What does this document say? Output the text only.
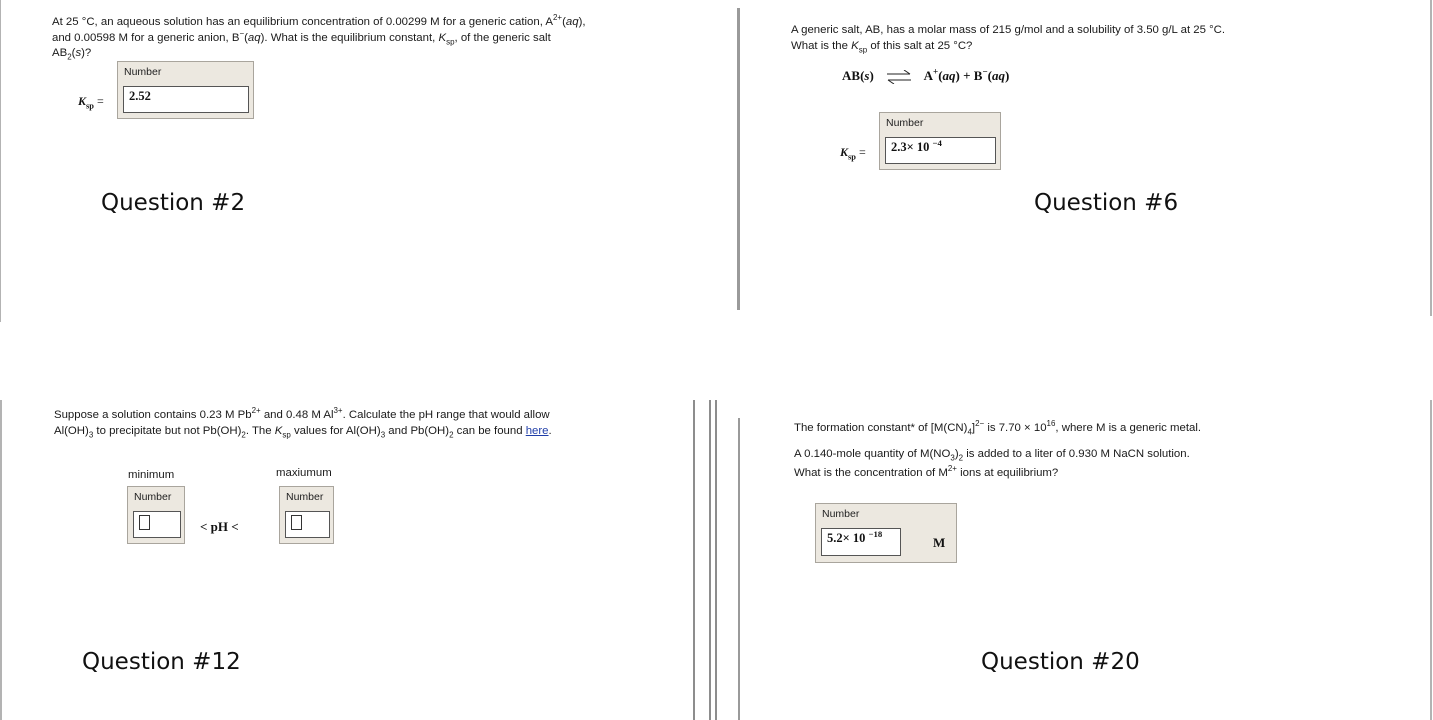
At 25 °C, an aqueous solution has an equilibrium concentration of 0.00299 M for a generic cation, $A^{2+}(aq)$,
and 0.00598 M for a generic anion, B−(aq). What is the equilibrium constant, $K_{sp}$, of the generic salt
$AB_2(s)$?
$K_{sp}$ =
Number
2.52
Question #2
A generic salt, AB, has a molar mass of 215 g/mol and a solubility of 3.50 g/L at 25 °C.
What is the $K_{sp}$ of this salt at 25 °C?
AB(s) ⇌ A+(aq) + B−(aq)
$K_{sp}$ =
Number
2.3× 10 $^{-4}$
Question #6
Suppose a solution contains 0.23 M $Pb^{2+}$ and 0.48 M $Al^{3+}$. Calculate the pH range that would allow
$Al(OH)_3$ to precipitate but not $Pb(OH)_2$. The $K_{sp}$ values for $Al(OH)_3$ and $Pb(OH)_2$ can be found here.
minimum	maxiumum
Number
< pH <
Number
Question #12
The formation constant* of $[M(CN)_4]^{2-}$ is $7.70 \times 10^{16}$, where M is a generic metal.
A 0.140-mole quantity of $M(NO_3)_2$ is added to a liter of 0.930 M NaCN solution.
What is the concentration of $M^{2+}$ ions at equilibrium?
Number
5.2× 10 $^{-18}$
M
Question #20
